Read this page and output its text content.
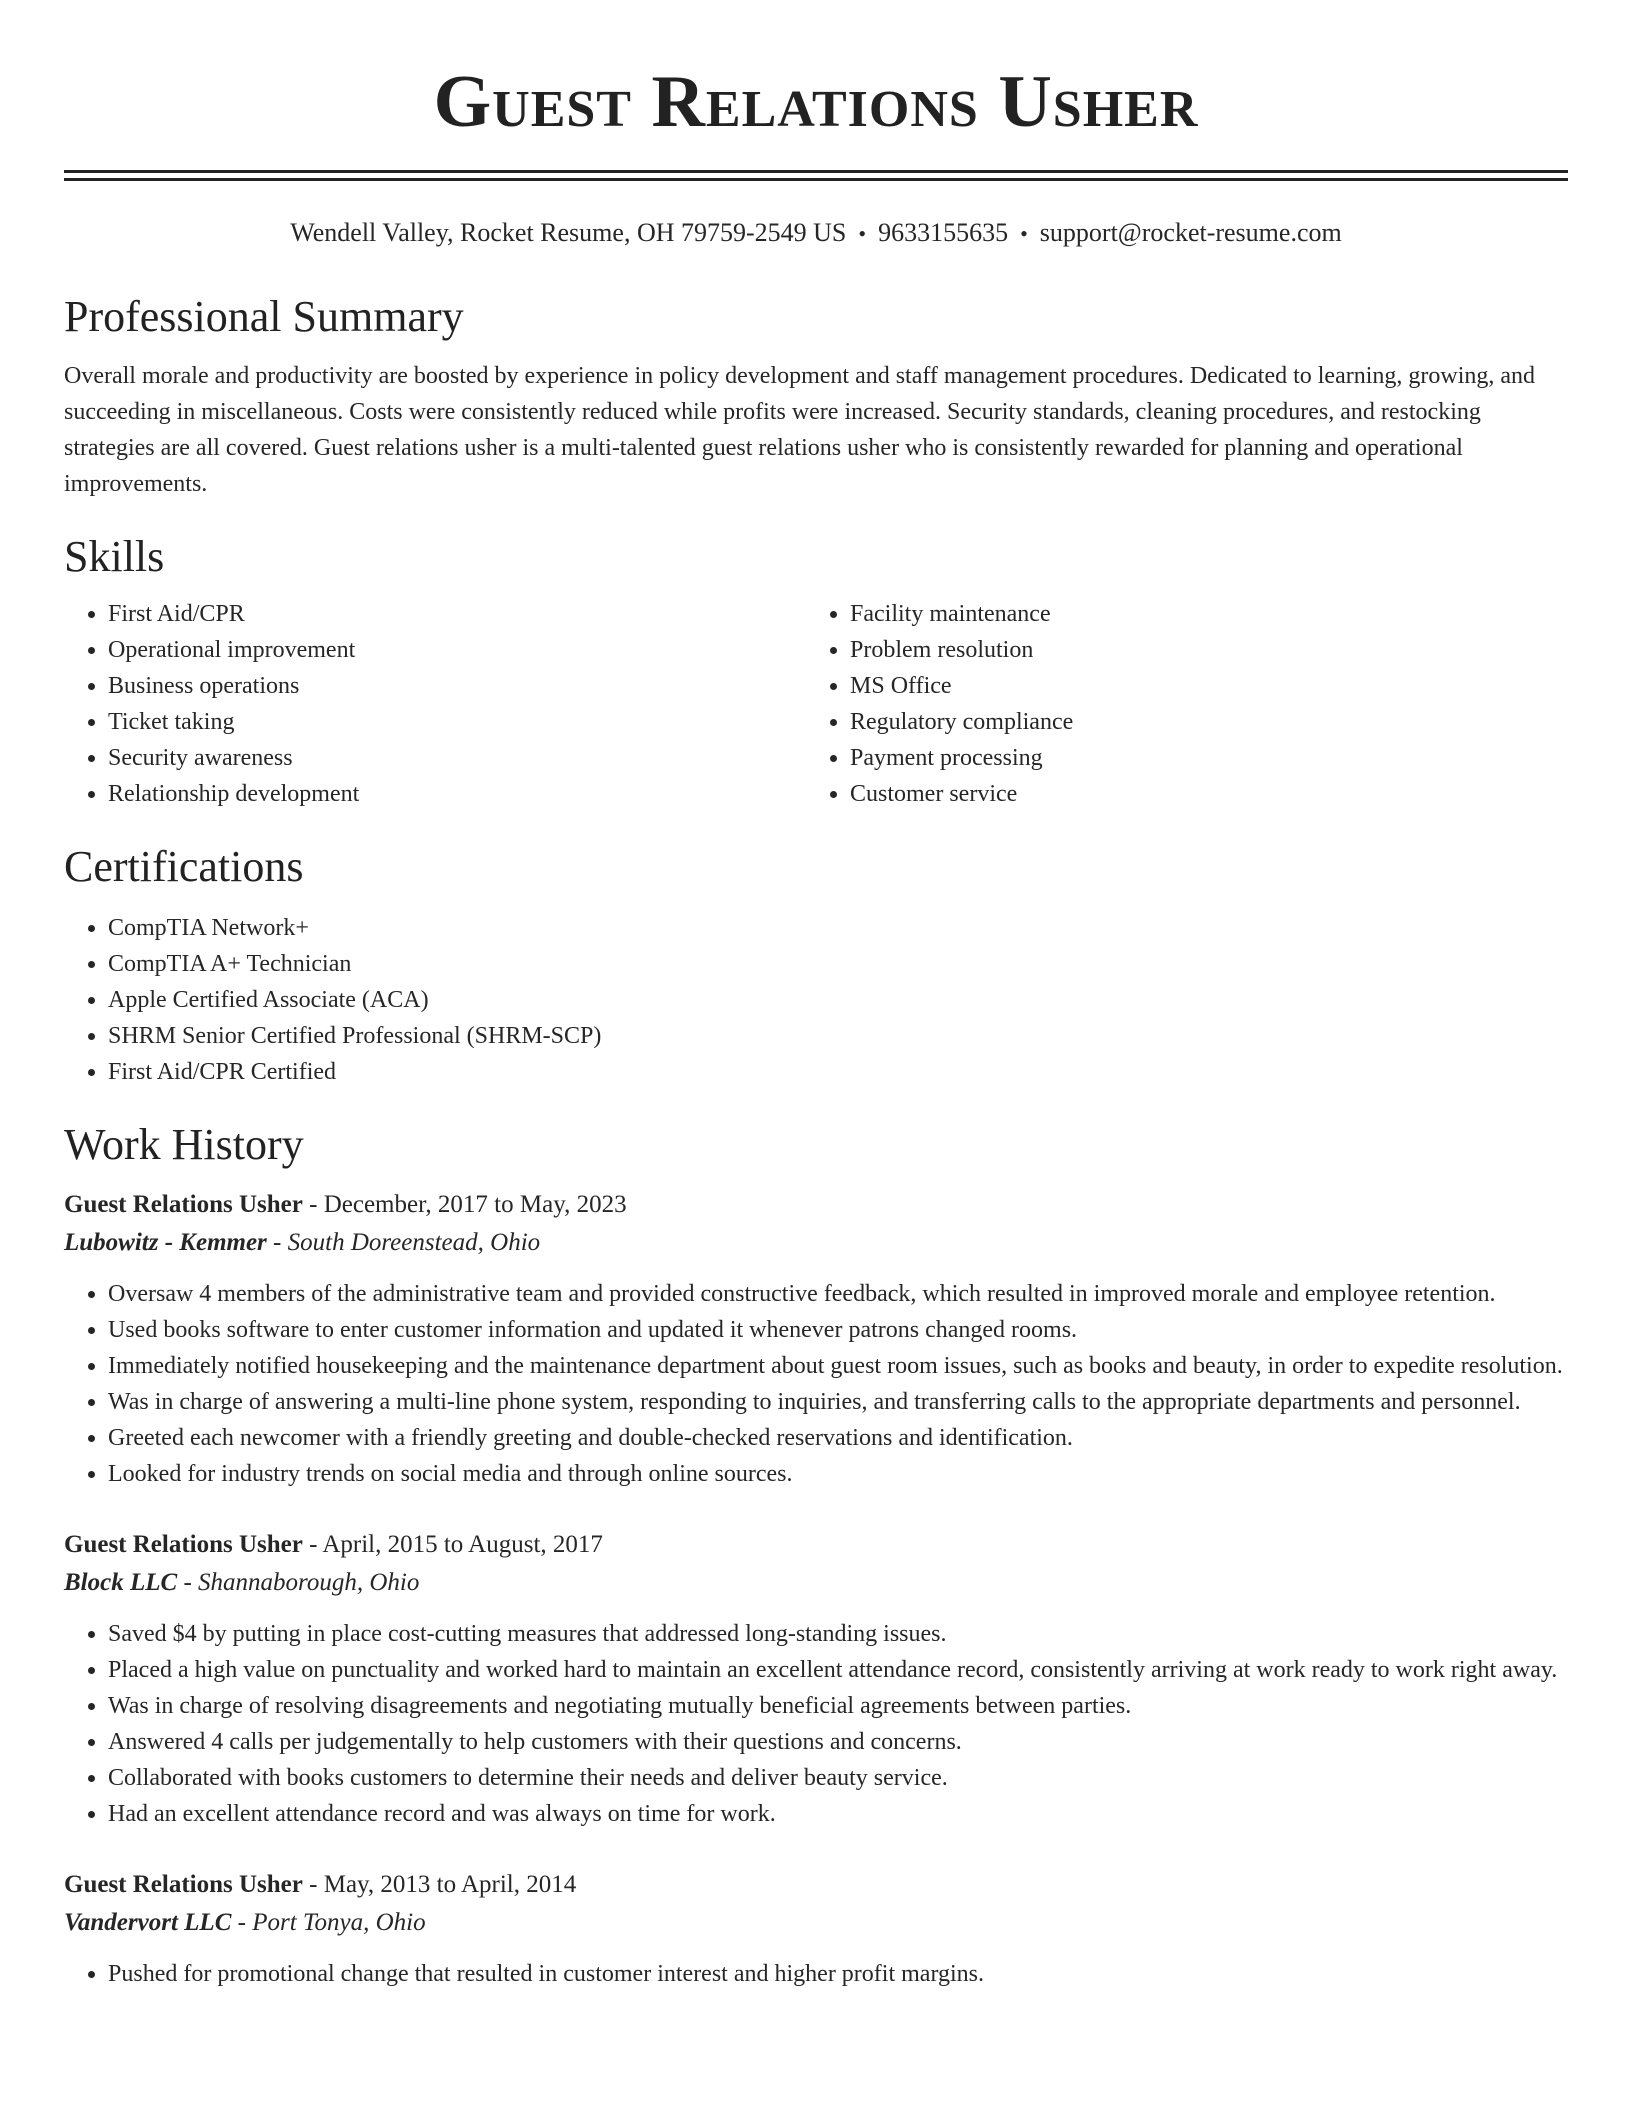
Guest Relations Usher
Wendell Valley, Rocket Resume, OH 79759-2549 US • 9633155635 • support@rocket-resume.com
Professional Summary
Overall morale and productivity are boosted by experience in policy development and staff management procedures. Dedicated to learning, growing, and succeeding in miscellaneous. Costs were consistently reduced while profits were increased. Security standards, cleaning procedures, and restocking strategies are all covered. Guest relations usher is a multi-talented guest relations usher who is consistently rewarded for planning and operational improvements.
Skills
• First Aid/CPR
• Operational improvement
• Business operations
• Ticket taking
• Security awareness
• Relationship development
• Facility maintenance
• Problem resolution
• MS Office
• Regulatory compliance
• Payment processing
• Customer service
Certifications
• CompTIA Network+
• CompTIA A+ Technician
• Apple Certified Associate (ACA)
• SHRM Senior Certified Professional (SHRM-SCP)
• First Aid/CPR Certified
Work History
Guest Relations Usher - December, 2017 to May, 2023
Lubowitz - Kemmer - South Doreenstead, Ohio
• Oversaw 4 members of the administrative team and provided constructive feedback, which resulted in improved morale and employee retention.
• Used books software to enter customer information and updated it whenever patrons changed rooms.
• Immediately notified housekeeping and the maintenance department about guest room issues, such as books and beauty, in order to expedite resolution.
• Was in charge of answering a multi-line phone system, responding to inquiries, and transferring calls to the appropriate departments and personnel.
• Greeted each newcomer with a friendly greeting and double-checked reservations and identification.
• Looked for industry trends on social media and through online sources.
Guest Relations Usher - April, 2015 to August, 2017
Block LLC - Shannaborough, Ohio
• Saved $4 by putting in place cost-cutting measures that addressed long-standing issues.
• Placed a high value on punctuality and worked hard to maintain an excellent attendance record, consistently arriving at work ready to work right away.
• Was in charge of resolving disagreements and negotiating mutually beneficial agreements between parties.
• Answered 4 calls per judgementally to help customers with their questions and concerns.
• Collaborated with books customers to determine their needs and deliver beauty service.
• Had an excellent attendance record and was always on time for work.
Guest Relations Usher - May, 2013 to April, 2014
Vandervort LLC - Port Tonya, Ohio
• Pushed for promotional change that resulted in customer interest and higher profit margins.
